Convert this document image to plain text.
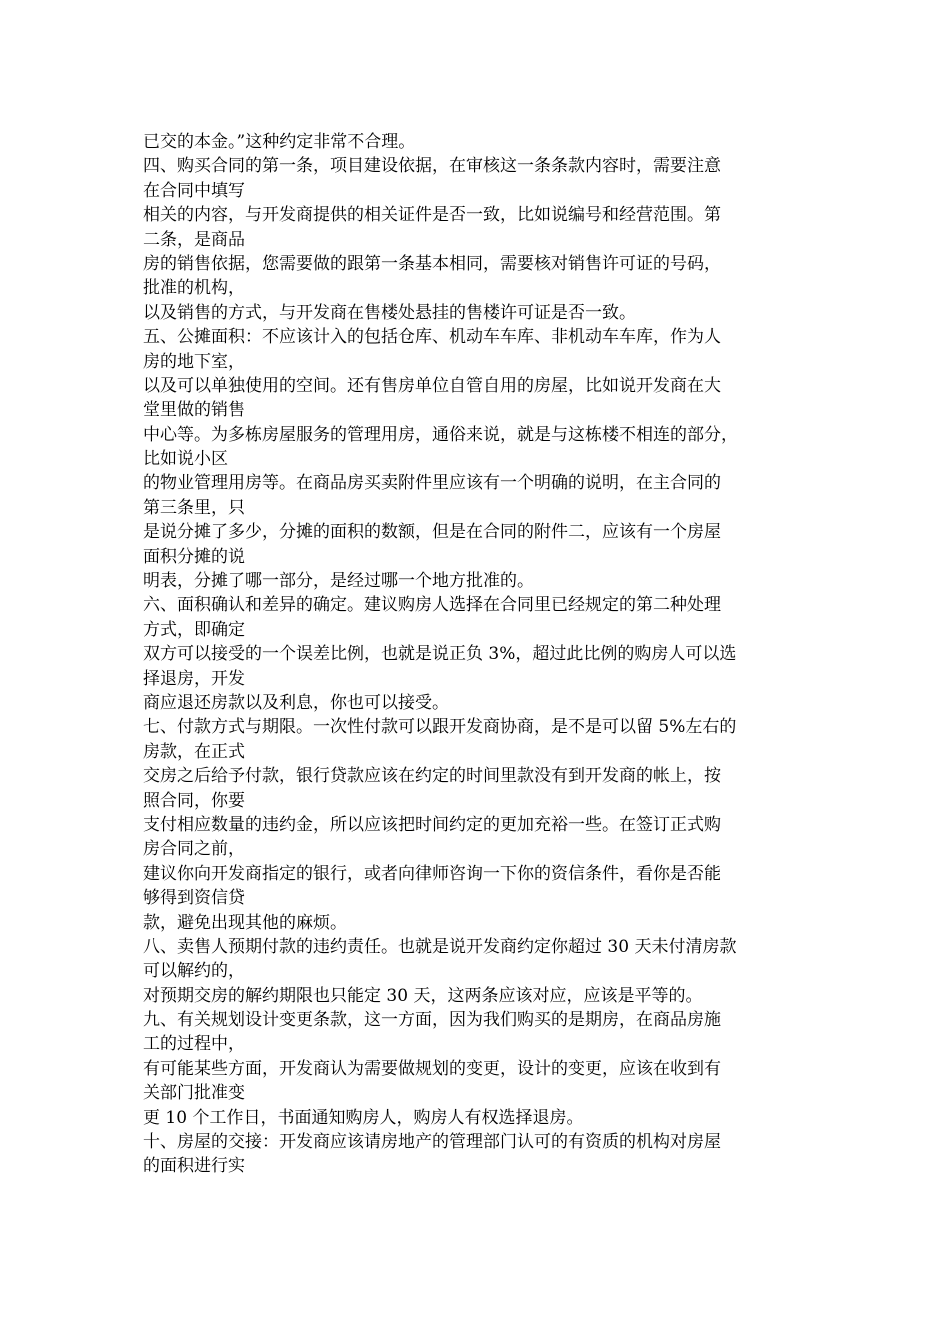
已交的本金。”这种约定非常不合理。
四、购买合同的第一条，项目建设依据，在审核这一条条款内容时，需要注意
在合同中填写
相关的内容，与开发商提供的相关证件是否一致，比如说编号和经营范围。第
二条，是商品
房的销售依据，您需要做的跟第一条基本相同，需要核对销售许可证的号码，
批准的机构，
以及销售的方式，与开发商在售楼处悬挂的售楼许可证是否一致。
五、公摊面积：不应该计入的包括仓库、机动车车库、非机动车车库，作为人
房的地下室，
以及可以单独使用的空间。还有售房单位自管自用的房屋，比如说开发商在大
堂里做的销售
中心等。为多栋房屋服务的管理用房，通俗来说，就是与这栋楼不相连的部分，
比如说小区
的物业管理用房等。在商品房买卖附件里应该有一个明确的说明，在主合同的
第三条里，只
是说分摊了多少，分摊的面积的数额，但是在合同的附件二，应该有一个房屋
面积分摊的说
明表，分摊了哪一部分，是经过哪一个地方批准的。
六、面积确认和差异的确定。建议购房人选择在合同里已经规定的第二种处理
方式，即确定
双方可以接受的一个误差比例，也就是说正负 3%，超过此比例的购房人可以选
择退房，开发
商应退还房款以及利息，你也可以接受。
七、付款方式与期限。一次性付款可以跟开发商协商，是不是可以留 5%左右的
房款，在正式
交房之后给予付款，银行贷款应该在约定的时间里款没有到开发商的帐上，按
照合同，你要
支付相应数量的违约金，所以应该把时间约定的更加充裕一些。在签订正式购
房合同之前，
建议你向开发商指定的银行，或者向律师咨询一下你的资信条件，看你是否能
够得到资信贷
款，避免出现其他的麻烦。
八、卖售人预期付款的违约责任。也就是说开发商约定你超过 30 天未付清房款
可以解约的，
对预期交房的解约期限也只能定 30 天，这两条应该对应，应该是平等的。
九、有关规划设计变更条款，这一方面，因为我们购买的是期房，在商品房施
工的过程中，
有可能某些方面，开发商认为需要做规划的变更，设计的变更，应该在收到有
关部门批准变
更 10 个工作日，书面通知购房人，购房人有权选择退房。
十、房屋的交接：开发商应该请房地产的管理部门认可的有资质的机构对房屋
的面积进行实
